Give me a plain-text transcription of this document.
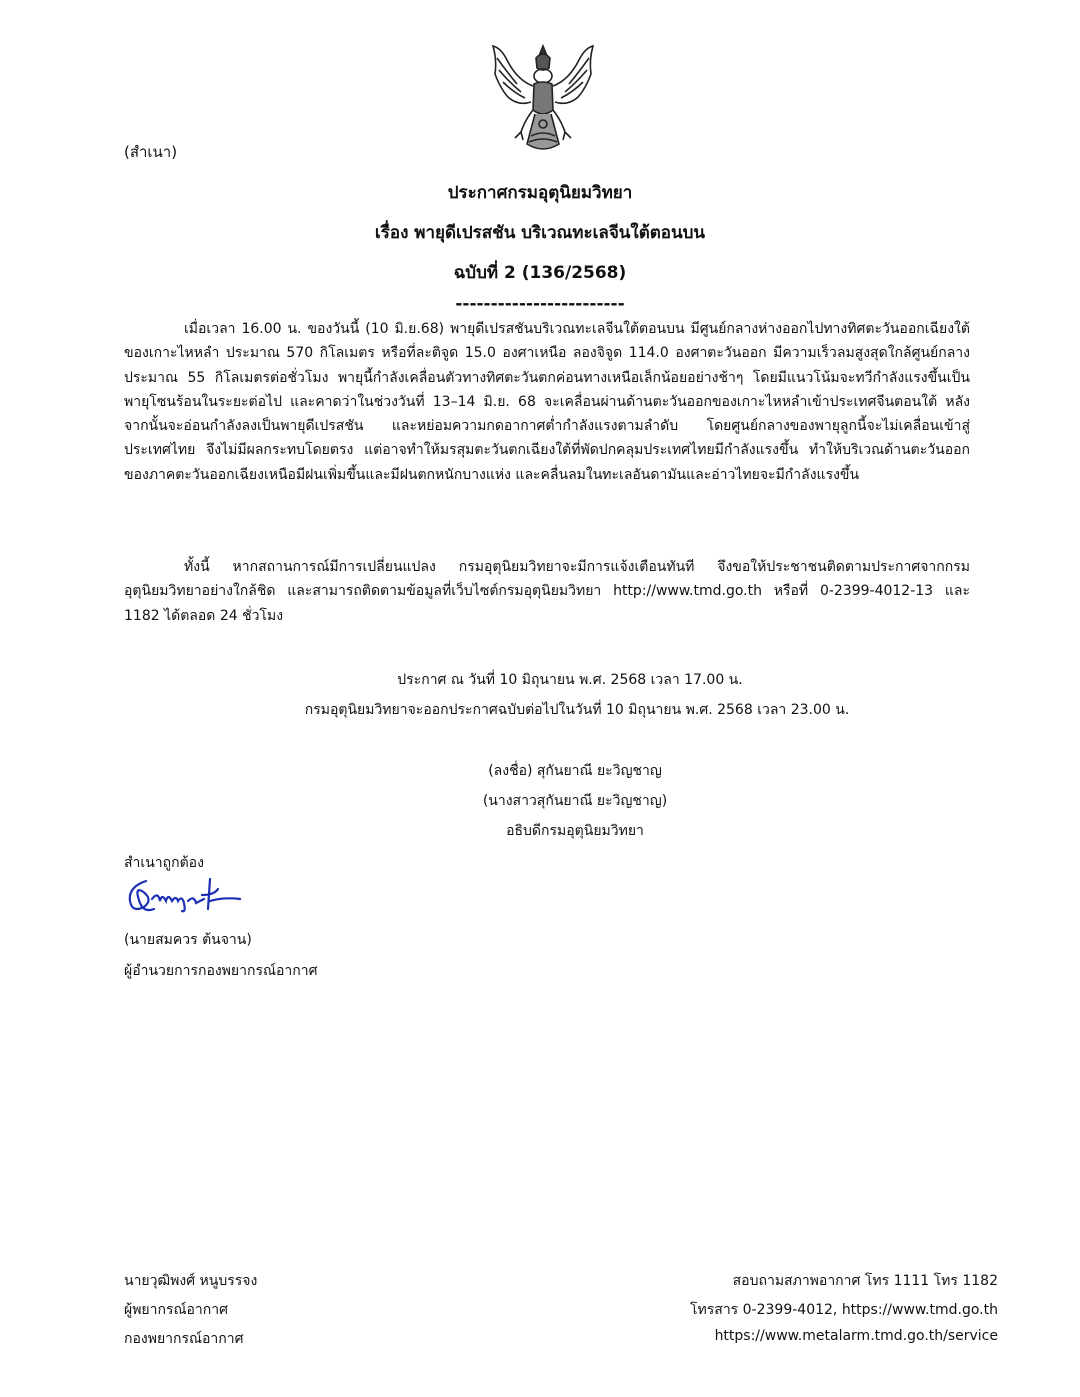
(สำเนา)
ประกาศกรมอุตุนิยมวิทยา
เรื่อง พายุดีเปรสชัน บริเวณทะเลจีนใต้ตอนบน
ฉบับที่ 2 (136/2568)
------------------------

เมื่อเวลา 16.00 น. ของวันนี้ (10 มิ.ย.68) พายุดีเปรสชันบริเวณทะเลจีนใต้ตอนบน มีศูนย์กลางห่างออกไปทางทิศตะวันออกเฉียงใต้ของเกาะไหหลำ ประมาณ 570 กิโลเมตร หรือที่ละติจูด 15.0 องศาเหนือ ลองจิจูด 114.0 องศาตะวันออก มีความเร็วลมสูงสุดใกล้ศูนย์กลางประมาณ 55 กิโลเมตรต่อชั่วโมง พายุนี้กำลังเคลื่อนตัวทางทิศตะวันตกค่อนทางเหนือเล็กน้อยอย่างช้าๆ โดยมีแนวโน้มจะทวีกำลังแรงขึ้นเป็นพายุโซนร้อนในระยะต่อไป และคาดว่าในช่วงวันที่ 13–14 มิ.ย. 68 จะเคลื่อนผ่านด้านตะวันออกของเกาะไหหลำเข้าประเทศจีนตอนใต้ หลังจากนั้นจะอ่อนกำลังลงเป็นพายุดีเปรสชัน และหย่อมความกดอากาศต่ำกำลังแรงตามลำดับ โดยศูนย์กลางของพายุลูกนี้จะไม่เคลื่อนเข้าสู่ประเทศไทย จึงไม่มีผลกระทบโดยตรง แต่อาจทำให้มรสุมตะวันตกเฉียงใต้ที่พัดปกคลุมประเทศไทยมีกำลังแรงขึ้น ทำให้บริเวณด้านตะวันออกของภาคตะวันออกเฉียงเหนือมีฝนเพิ่มขึ้นและมีฝนตกหนักบางแห่ง และคลื่นลมในทะเลอันดามันและอ่าวไทยจะมีกำลังแรงขึ้น

ทั้งนี้ หากสถานการณ์มีการเปลี่ยนแปลง กรมอุตุนิยมวิทยาจะมีการแจ้งเตือนทันที จึงขอให้ประชาชนติดตามประกาศจากกรมอุตุนิยมวิทยาอย่างใกล้ชิด และสามารถติดตามข้อมูลที่เว็บไซต์กรมอุตุนิยมวิทยา http://www.tmd.go.th หรือที่ 0-2399-4012-13 และ 1182 ได้ตลอด 24 ชั่วโมง

ประกาศ ณ วันที่ 10 มิถุนายน พ.ศ. 2568 เวลา 17.00 น.
กรมอุตุนิยมวิทยาจะออกประกาศฉบับต่อไปในวันที่ 10 มิถุนายน พ.ศ. 2568 เวลา 23.00 น.
(ลงชื่อ) สุกันยาณี ยะวิญชาญ
(นางสาวสุกันยาณี ยะวิญชาญ)
อธิบดีกรมอุตุนิยมวิทยา
สำเนาถูกต้อง
(นายสมควร ต้นจาน)
ผู้อำนวยการกองพยากรณ์อากาศ
นายวุฒิพงศ์ หนูบรรจง
ผู้พยากรณ์อากาศ
กองพยากรณ์อากาศ
สอบถามสภาพอากาศ โทร 1111 โทร 1182
โทรสาร 0-2399-4012, https://www.tmd.go.th
https://www.metalarm.tmd.go.th/service
